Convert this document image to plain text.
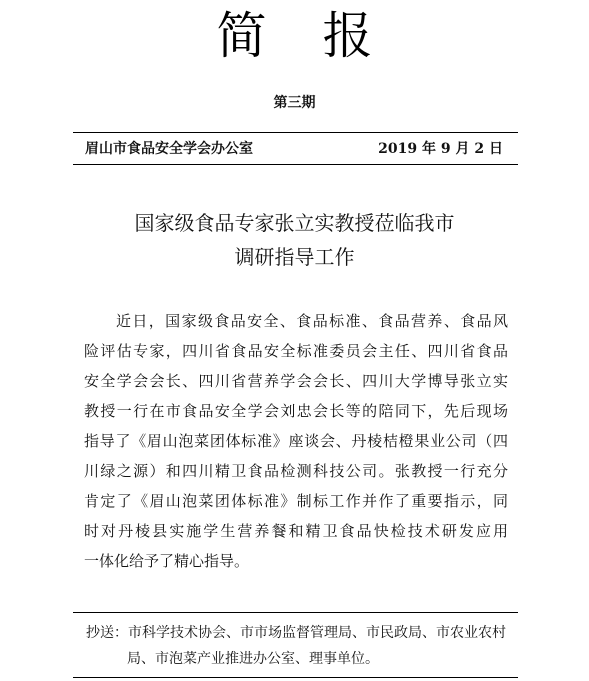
简报
第三期
眉山市食品安全学会办公室	2019 年 9 月 2 日
国家级食品专家张立实教授莅临我市
调研指导工作
近日，国家级食品安全、食品标准、食品营养、食品风
险评估专家，四川省食品安全标准委员会主任、四川省食品
安全学会会长、四川省营养学会会长、四川大学博导张立实
教授一行在市食品安全学会刘忠会长等的陪同下，先后现场
指导了《眉山泡菜团体标准》座谈会、丹棱桔橙果业公司（四
川绿之源）和四川精卫食品检测科技公司。张教授一行充分
肯定了《眉山泡菜团体标准》制标工作并作了重要指示，同
时对丹棱县实施学生营养餐和精卫食品快检技术研发应用
一体化给予了精心指导。
抄送：市科学技术协会、市市场监督管理局、市民政局、市农业农村
局、市泡菜产业推进办公室、理事单位。
